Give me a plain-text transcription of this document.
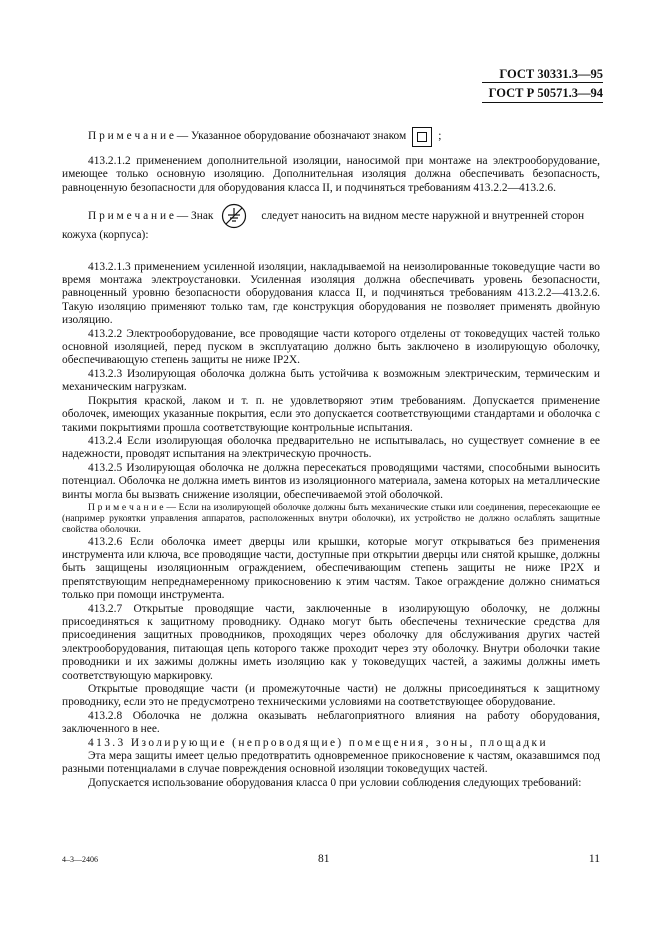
ГОСТ 30331.3—95
ГОСТ Р 50571.3—94
П р и м е ч а н и е — Указанное оборудование обозначают знаком	;

413.2.1.2 применением дополнительной изоляции, наносимой при монтаже на электрооборудование, имеющее только основную изоляцию. Дополнительная изоляция должна обеспечивать безопасность, равноценную безопасности для оборудования класса II, и подчиняться требованиям 413.2.2—413.2.6.

П р и м е ч а н и е — Знак	следует наносить на видном месте наружной и внутренней сторон

кожуха (корпуса):

413.2.1.3 применением усиленной изоляции, накладываемой на неизолированные токоведущие части во время монтажа электроустановки. Усиленная изоляция должна обеспечивать уровень безопасности, равноценный уровню безопасности оборудования класса II, и подчиняться требованиям 413.2.2—413.2.6. Такую изоляцию применяют только там, где конструкция оборудования не позволяет применять двойную изоляцию.

413.2.2 Электрооборудование, все проводящие части которого отделены от токоведущих частей только основной изоляцией, перед пуском в эксплуатацию должно быть заключено в изолирующую оболочку, обеспечивающую степень защиты не ниже IP2X.

413.2.3 Изолирующая оболочка должна быть устойчива к возможным электрическим, термическим и механическим нагрузкам.

Покрытия краской, лаком и т. п. не удовлетворяют этим требованиям. Допускается применение оболочек, имеющих указанные покрытия, если это допускается соответствующими стандартами и оболочка с такими покрытиями прошла соответствующие контрольные испытания.

413.2.4 Если изолирующая оболочка предварительно не испытывалась, но существует сомнение в ее надежности, проводят испытания на электрическую прочность.

413.2.5 Изолирующая оболочка не должна пересекаться проводящими частями, способными выносить потенциал. Оболочка не должна иметь винтов из изоляционного материала, замена которых на металлические винты могла бы вызвать снижение изоляции, обеспечиваемой этой оболочкой.

П р и м е ч а н и е — Если на изолирующей оболочке должны быть механические стыки или соединения, пересекающие ее (например рукоятки управления аппаратов, расположенных внутри оболочки), их устройство не должно ослаблять защитные свойства оболочки.

413.2.6 Если оболочка имеет дверцы или крышки, которые могут открываться без применения инструмента или ключа, все проводящие части, доступные при открытии дверцы или снятой крышке, должны быть защищены изоляционным ограждением, обеспечивающим степень защиты не ниже IP2X и препятствующим непреднамеренному прикосновению к этим частям. Такое ограждение должно сниматься только при помощи инструмента.

413.2.7 Открытые проводящие части, заключенные в изолирующую оболочку, не должны присоединяться к защитному проводнику. Однако могут быть обеспечены технические средства для присоединения защитных проводников, проходящих через оболочку для обслуживания других частей электрооборудования, питающая цепь которого также проходит через эту оболочку. Внутри оболочки такие проводники и их зажимы должны иметь изоляцию как у токоведущих частей, а зажимы должны иметь соответствующую маркировку.

Открытые проводящие части (и промежуточные части) не должны присоединяться к защитному проводнику, если это не предусмотрено техническими условиями на соответствующее оборудование.

413.2.8 Оболочка не должна оказывать неблагоприятного влияния на работу оборудования, заключенного в нее.

413.3 Изолирующие (непроводящие) помещения, зоны, площадки

Эта мера защиты имеет целью предотвратить одновременное прикосновение к частям, оказавшимся под разными потенциалами в случае повреждения основной изоляции токоведущих частей.

Допускается использование оборудования класса 0 при условии соблюдения следующих требований:

4–3—2406	81	11
